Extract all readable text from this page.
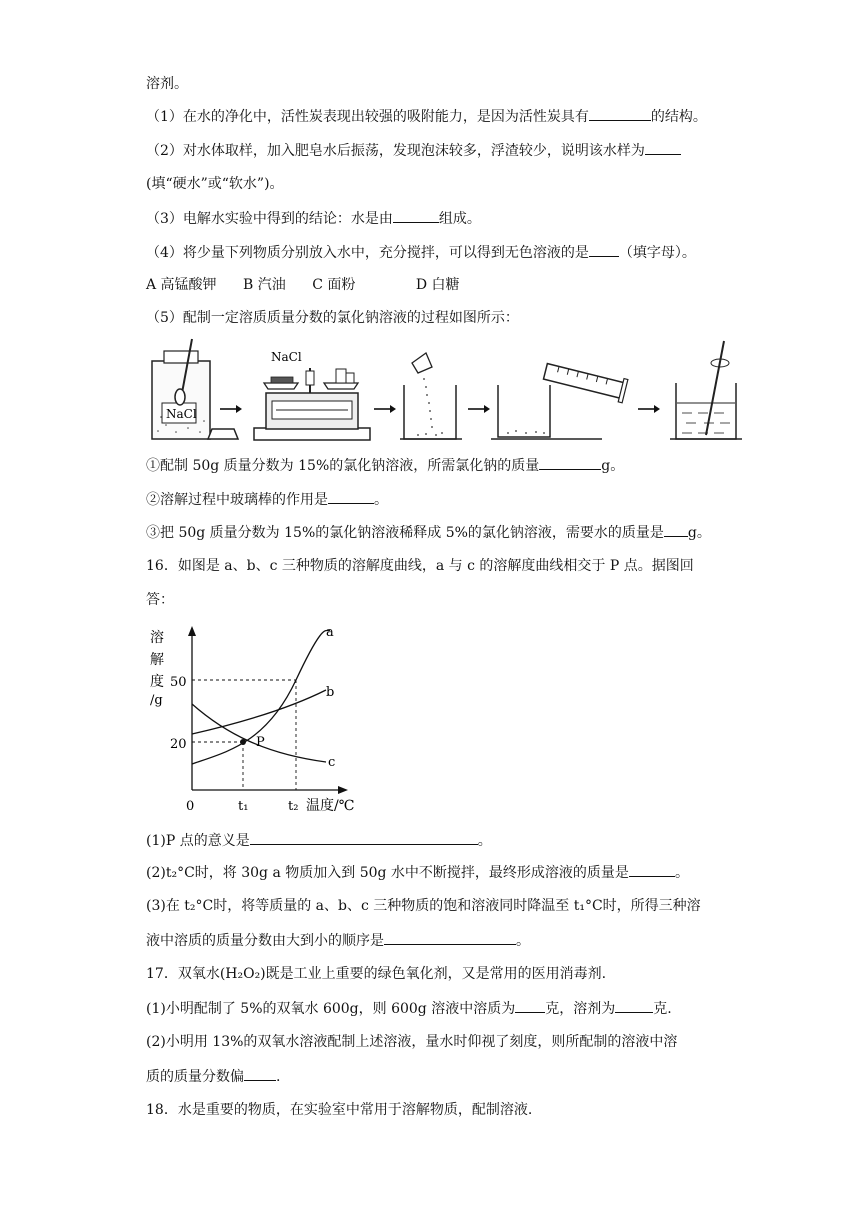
溶剂。
（1）在水的净化中，活性炭表现出较强的吸附能力，是因为活性炭具有	的结构。
（2）对水体取样，加入肥皂水后振荡，发现泡沫较多，浮渣较少，说明该水样为
(填“硬水”或“软水”)。
（3）电解水实验中得到的结论：水是由	组成。
（4）将少量下列物质分别放入水中，充分搅拌，可以得到无色溶液的是 （填字母）。
A 高锰酸钾 B 汽油 C 面粉	D 白糖
（5）配制一定溶质质量分数的氯化钠溶液的过程如图所示：
NaCl
NaCl
①配制 50g 质量分数为 15%的氯化钠溶液，所需氯化钠的质量	g。
②溶解过程中玻璃棒的作用是	。
③把 50g 质量分数为 15%的氯化钠溶液稀释成 5%的氯化钠溶液，需要水的质量是 g。
16．如图是 a、b、c 三种物质的溶解度曲线，a 与 c 的溶解度曲线相交于 P 点。据图回
答：
溶
解
度
/g
a
b
c
P
50
20
0	t₁	t₂ 温度/℃
(1)P 点的意义是	。
(2)t₂°C时，将 30g a 物质加入到 50g 水中不断搅拌，最终形成溶液的质量是	。
(3)在 t₂°C时，将等质量的 a、b、c 三种物质的饱和溶液同时降温至 t₁°C时，所得三种溶
液中溶质的质量分数由大到小的顺序是	。
17．双氧水(H₂O₂)既是工业上重要的绿色氧化剂，又是常用的医用消毒剂.
(1)小明配制了 5%的双氧水 600g，则 600g 溶液中溶质为 克，溶剂为	克.
(2)小明用 13%的双氧水溶液配制上述溶液，量水时仰视了刻度，则所配制的溶液中溶
质的质量分数偏 .
18．水是重要的物质，在实验室中常用于溶解物质，配制溶液.
